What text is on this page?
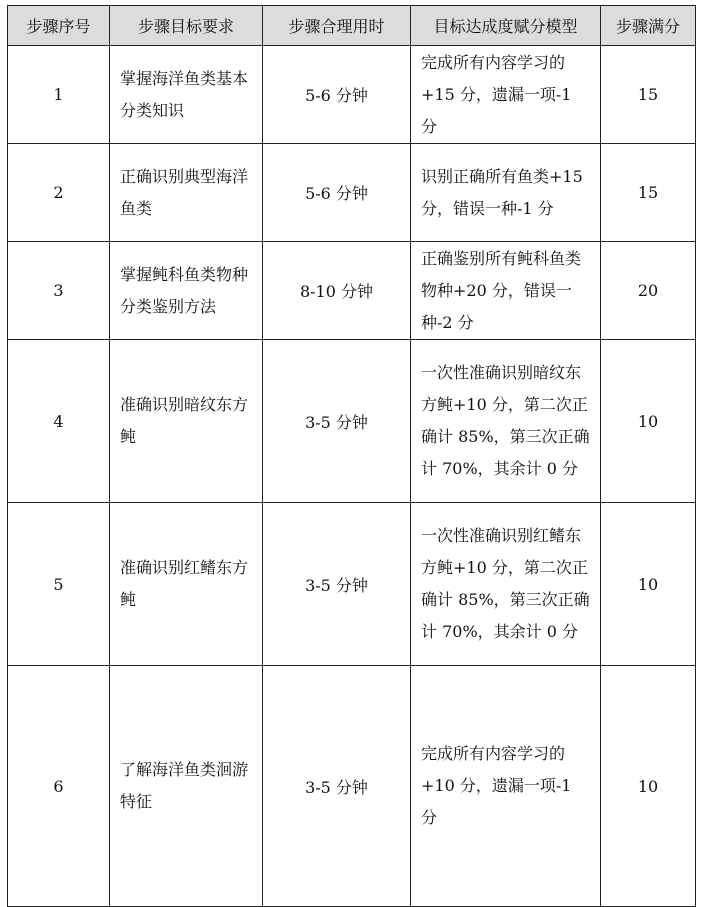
步骤序号	步骤目标要求	步骤合理用时	目标达成度赋分模型	步骤满分
1	掌握海洋鱼类基本分类知识	5-6 分钟	完成所有内容学习的+15 分，遗漏一项-1 分	15
2	正确识别典型海洋鱼类	5-6 分钟	识别正确所有鱼类+15 分，错误一种-1 分	15
3	掌握鲀科鱼类物种分类鉴别方法	8-10 分钟	正确鉴别所有鲀科鱼类物种+20 分，错误一种-2 分	20
4	准确识别暗纹东方鲀	3-5 分钟	一次性准确识别暗纹东方鲀+10 分，第二次正确计 85%，第三次正确计 70%，其余计 0 分	10
5	准确识别红鳍东方鲀	3-5 分钟	一次性准确识别红鳍东方鲀+10 分，第二次正确计 85%，第三次正确计 70%，其余计 0 分	10
6	了解海洋鱼类洄游特征	3-5 分钟	完成所有内容学习的+10 分，遗漏一项-1 分	10
